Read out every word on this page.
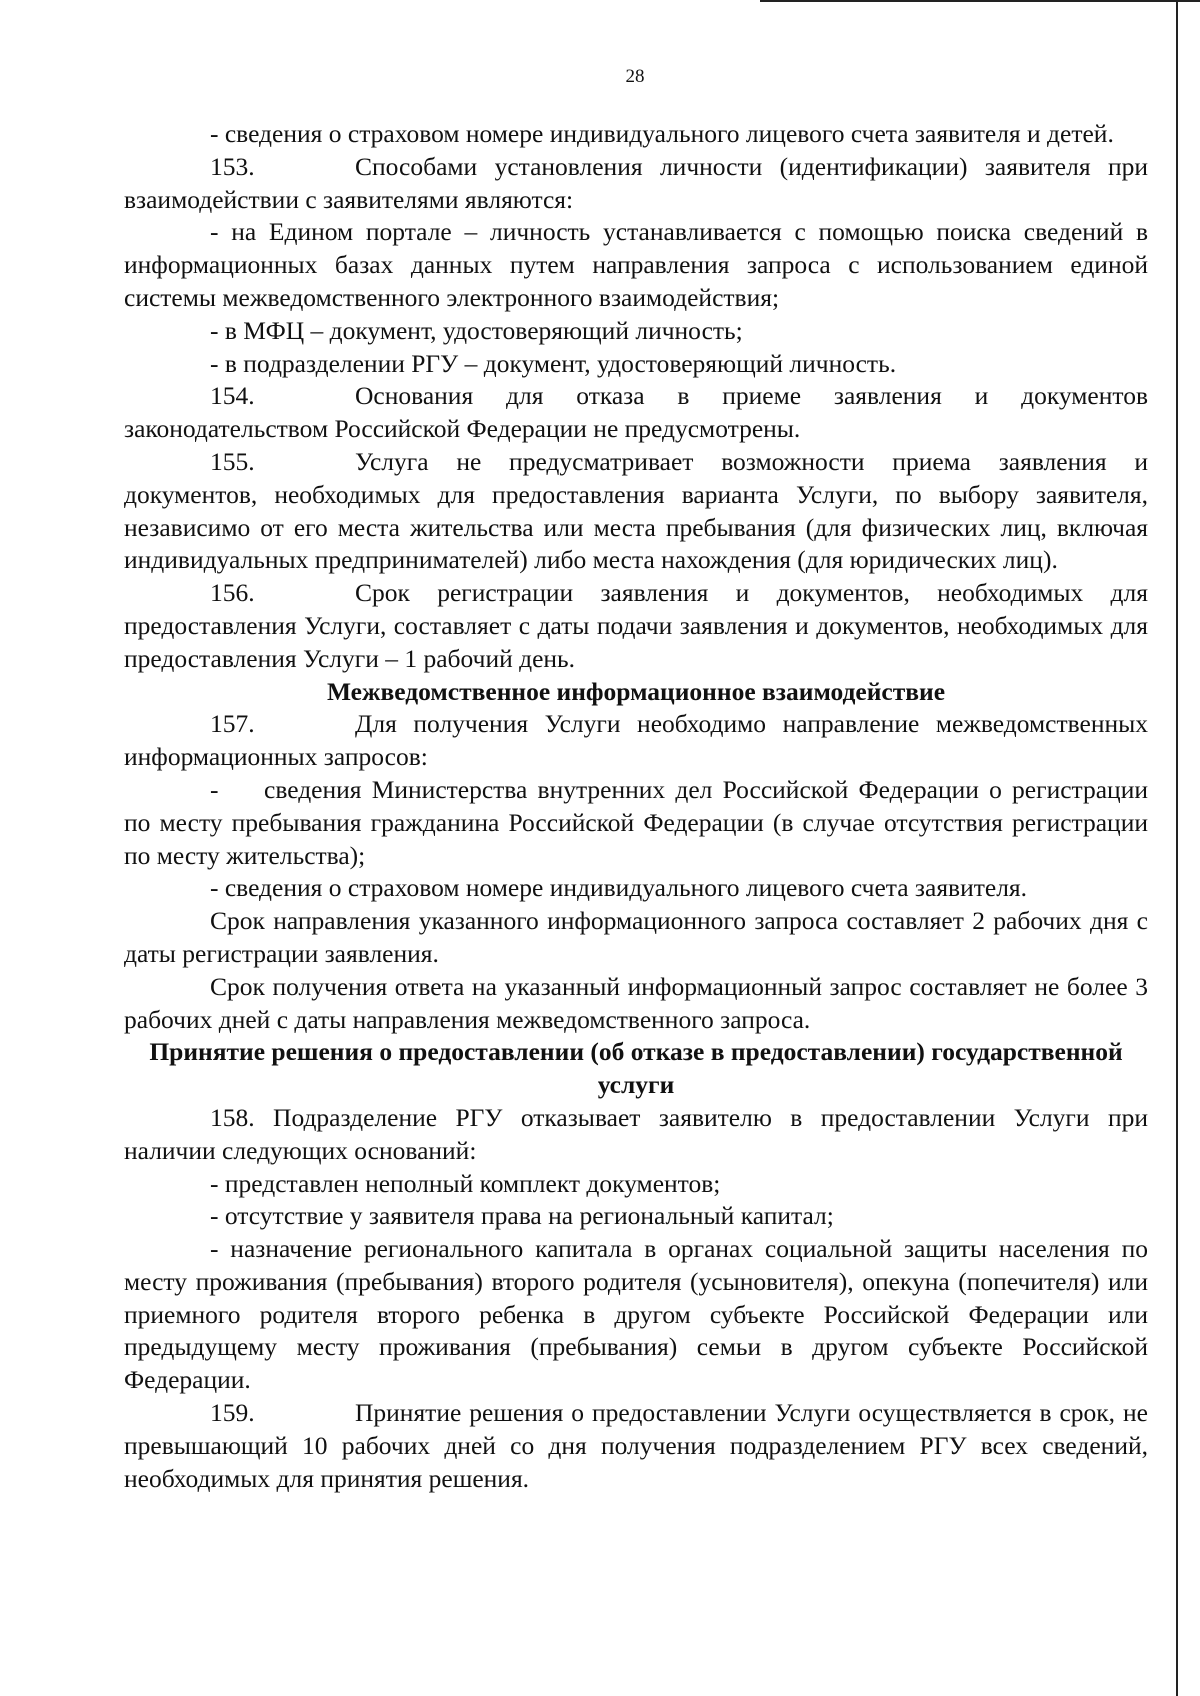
28

- сведения о страховом номере индивидуального лицевого счета заявителя и детей.

153.	Способами установления личности (идентификации) заявителя при взаимодействии с заявителями являются:

- на Едином портале – личность устанавливается с помощью поиска сведений в информационных базах данных путем направления запроса с использованием единой системы межведомственного электронного взаимодействия;

- в МФЦ – документ, удостоверяющий личность;

- в подразделении РГУ – документ, удостоверяющий личность.

154.	Основания для отказа в приеме заявления и документов законодательством Российской Федерации не предусмотрены.

155.	Услуга не предусматривает возможности приема заявления и документов, необходимых для предоставления варианта Услуги, по выбору заявителя, независимо от его места жительства или места пребывания (для физических лиц, включая индивидуальных предпринимателей) либо места нахождения (для юридических лиц).

156.	Срок регистрации заявления и документов, необходимых для предоставления Услуги, составляет с даты подачи заявления и документов, необходимых для предоставления Услуги – 1 рабочий день.

Межведомственное информационное взаимодействие

157.	Для получения Услуги необходимо направление межведомственных информационных запросов:

- сведения Министерства внутренних дел Российской Федерации о регистрации по месту пребывания гражданина Российской Федерации (в случае отсутствия регистрации по месту жительства);

- сведения о страховом номере индивидуального лицевого счета заявителя.

Срок направления указанного информационного запроса составляет 2 рабочих дня с даты регистрации заявления.

Срок получения ответа на указанный информационный запрос составляет не более 3 рабочих дней с даты направления межведомственного запроса.

Принятие решения о предоставлении (об отказе в предоставлении) государственной услуги

158. Подразделение РГУ отказывает заявителю в предоставлении Услуги при наличии следующих оснований:

- представлен неполный комплект документов;

- отсутствие у заявителя права на региональный капитал;

- назначение регионального капитала в органах социальной защиты населения по месту проживания (пребывания) второго родителя (усыновителя), опекуна (попечителя) или приемного родителя второго ребенка в другом субъекте Российской Федерации или предыдущему месту проживания (пребывания) семьи в другом субъекте Российской Федерации.

159.	Принятие решения о предоставлении Услуги осуществляется в срок, не превышающий 10 рабочих дней со дня получения подразделением РГУ всех сведений, необходимых для принятия решения.
